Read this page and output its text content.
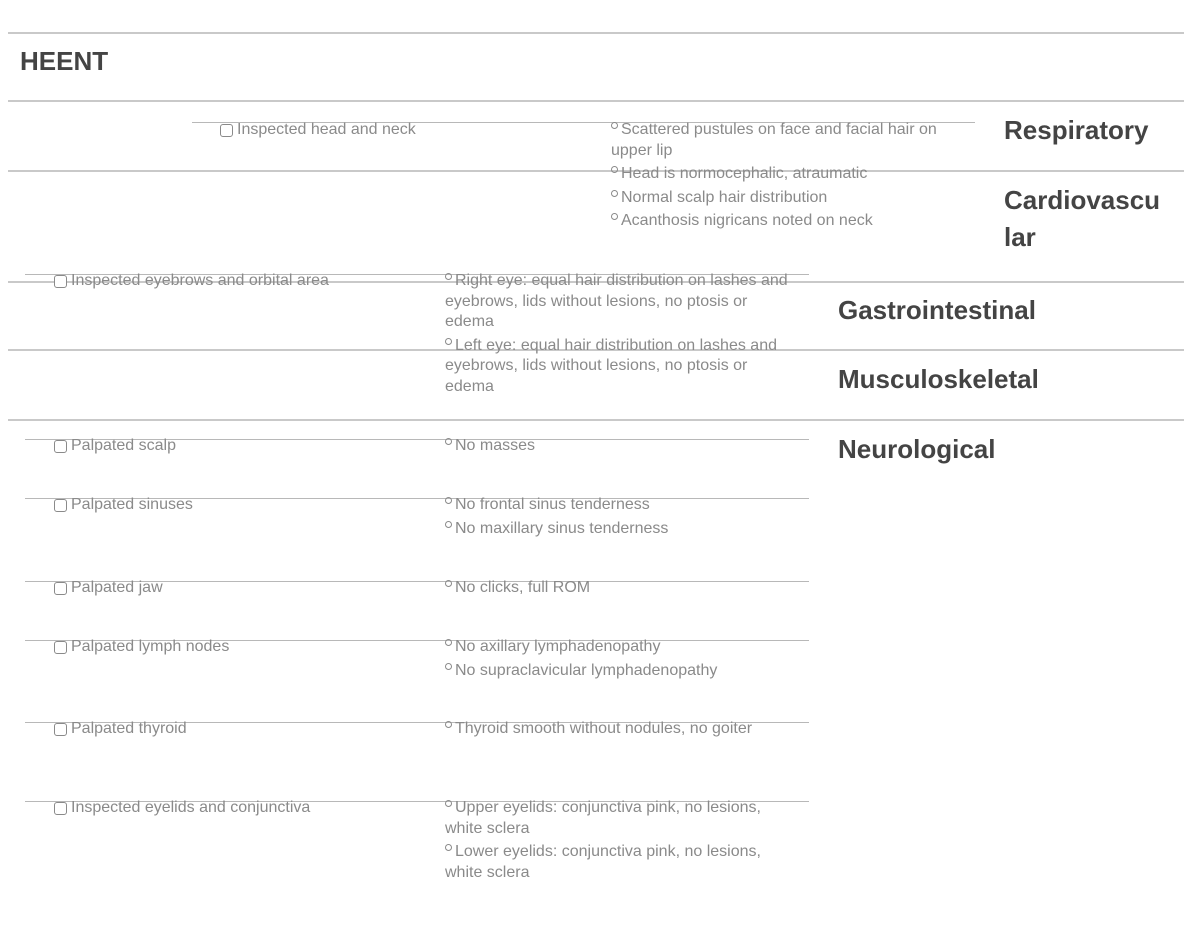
HEENT
Respiratory
Cardiovascu lar
Gastrointestinal
Musculoskeletal
Neurological
Inspected head and neck	Scattered pustules on face and facial hair on upper lip
Head is normocephalic, atraumatic
Normal scalp hair distribution
Acanthosis nigricans noted on neck
Inspected eyebrows and orbital area	Right eye: equal hair distribution on lashes and eyebrows, lids without lesions, no ptosis or edema
Left eye: equal hair distribution on lashes and eyebrows, lids without lesions, no ptosis or edema
Palpated scalp	No masses
Palpated sinuses	No frontal sinus tenderness
No maxillary sinus tenderness
Palpated jaw	No clicks, full ROM
Palpated lymph nodes	No axillary lymphadenopathy
No supraclavicular lymphadenopathy
Palpated thyroid	Thyroid smooth without nodules, no goiter
Inspected eyelids and conjunctiva	Upper eyelids: conjunctiva pink, no lesions, white sclera
Lower eyelids: conjunctiva pink, no lesions, white sclera
